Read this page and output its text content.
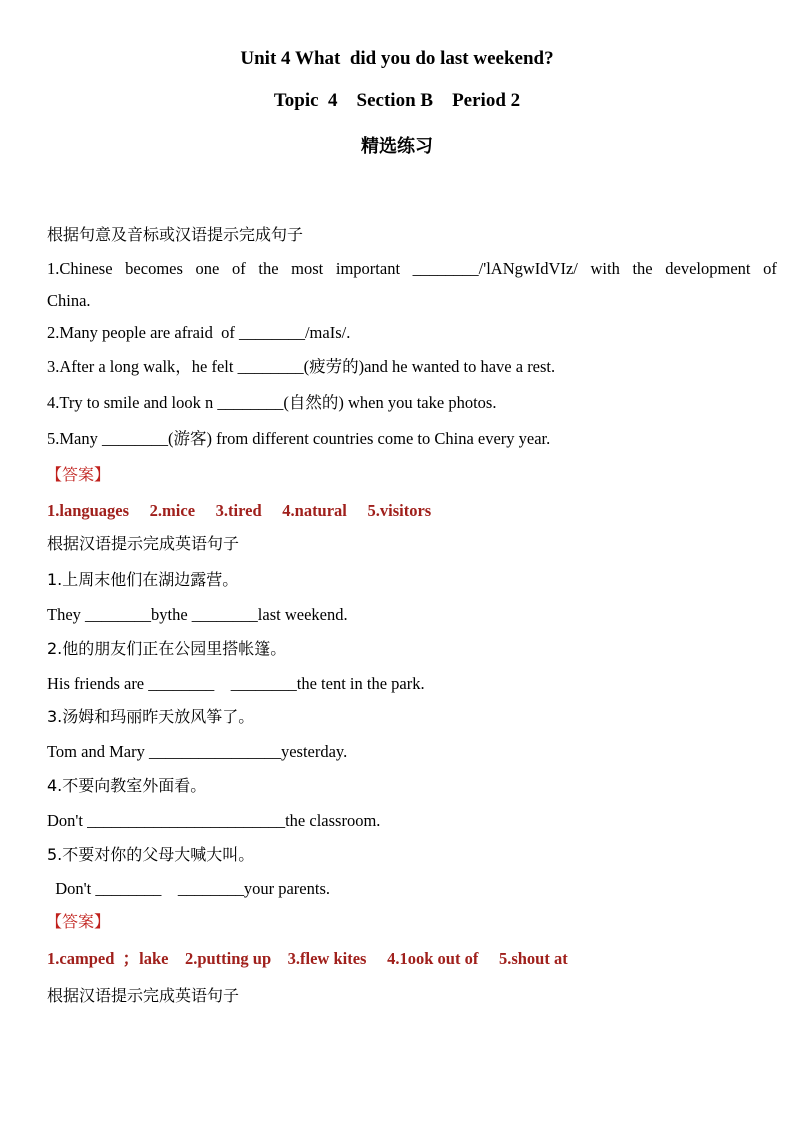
Unit 4 What  did you do last weekend?
Topic  4    Section B    Period 2
精选练习
根据句意及音标或汉语提示完成句子
1.Chinese becomes one of the most important ________/'lANgwIdVIz/ with the development of
China.
2.Many people are afraid  of ________/maIs/.
3.After a long walk，he felt ________(疲劳的)and he wanted to have a rest.
4.Try to smile and look n ________(自然的) when you take photos.
5.Many ________(游客) from different countries come to China every year.
【答案】
1.languages     2.mice     3.tired     4.natural     5.visitors
根据汉语提示完成英语句子
1.上周末他们在湖边露营。
They ________bythe ________last weekend.
2.他的朋友们正在公园里搭帐篷。
His friends are ________    ________the tent in the park.
3.汤姆和玛丽昨天放风筝了。
Tom and Mary ________________yesterday.
4.不要向教室外面看。
Don't ________________________the classroom.
5.不要对你的父母大喊大叫。
Don't ________    ________your parents.
【答案】
1.camped  ；lake    2.putting up    3.flew kites     4.1ook out of     5.shout at
根据汉语提示完成英语句子
